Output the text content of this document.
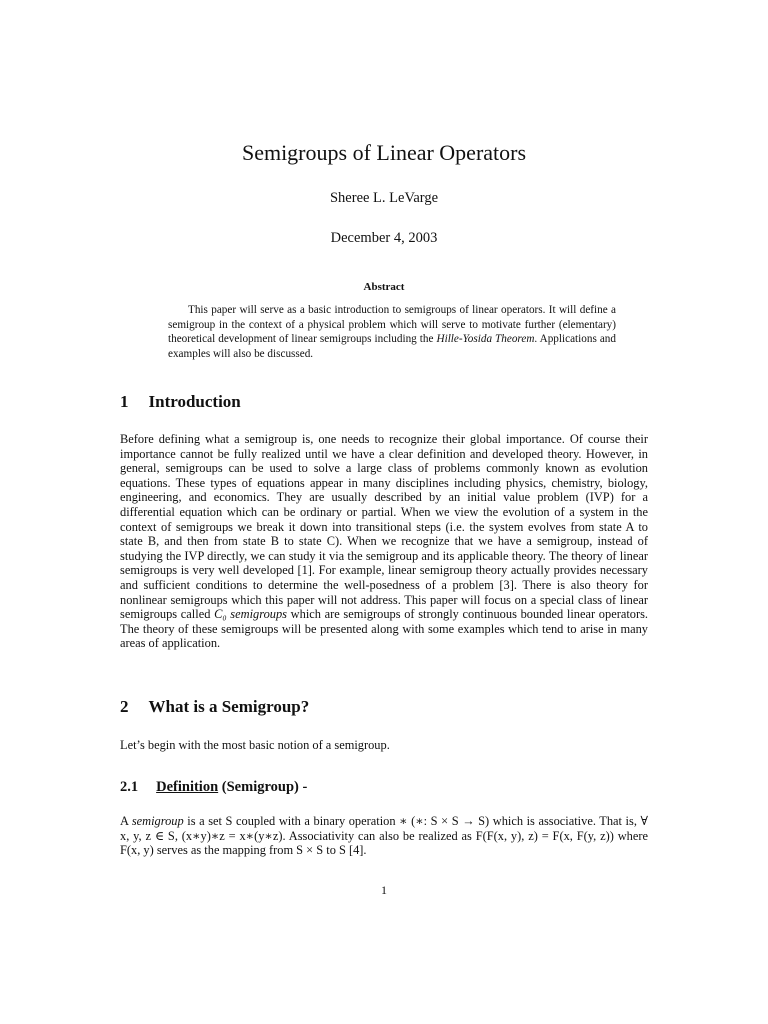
Semigroups of Linear Operators
Sheree L. LeVarge
December 4, 2003
Abstract

This paper will serve as a basic introduction to semigroups of linear operators. It will define a semigroup in the context of a physical problem which will serve to motivate further (elementary) theoretical development of linear semigroups including the Hille-Yosida Theorem. Applications and examples will also be discussed.

1 Introduction

Before defining what a semigroup is, one needs to recognize their global importance. Of course their importance cannot be fully realized until we have a clear definition and developed theory. However, in general, semigroups can be used to solve a large class of problems commonly known as evolution equations. These types of equations appear in many disciplines including physics, chemistry, biology, engineering, and economics. They are usually described by an initial value problem (IVP) for a differential equation which can be ordinary or partial. When we view the evolution of a system in the context of semigroups we break it down into transitional steps (i.e. the system evolves from state A to state B, and then from state B to state C). When we recognize that we have a semigroup, instead of studying the IVP directly, we can study it via the semigroup and its applicable theory. The theory of linear semigroups is very well developed [1]. For example, linear semigroup theory actually provides necessary and sufficient conditions to determine the well-posedness of a problem [3]. There is also theory for nonlinear semigroups which this paper will not address. This paper will focus on a special class of linear semigroups called C₀ semigroups which are semigroups of strongly continuous bounded linear operators. The theory of these semigroups will be presented along with some examples which tend to arise in many areas of application.

2 What is a Semigroup?

Let’s begin with the most basic notion of a semigroup.

2.1 Definition (Semigroup) -

A semigroup is a set S coupled with a binary operation ∗ (∗: S × S → S) which is associative. That is, ∀ x, y, z ∈ S, (x∗y)∗z = x∗(y∗z). Associativity can also be realized as F(F(x, y), z) = F(x, F(y, z)) where F(x, y) serves as the mapping from S × S to S [4].

1
